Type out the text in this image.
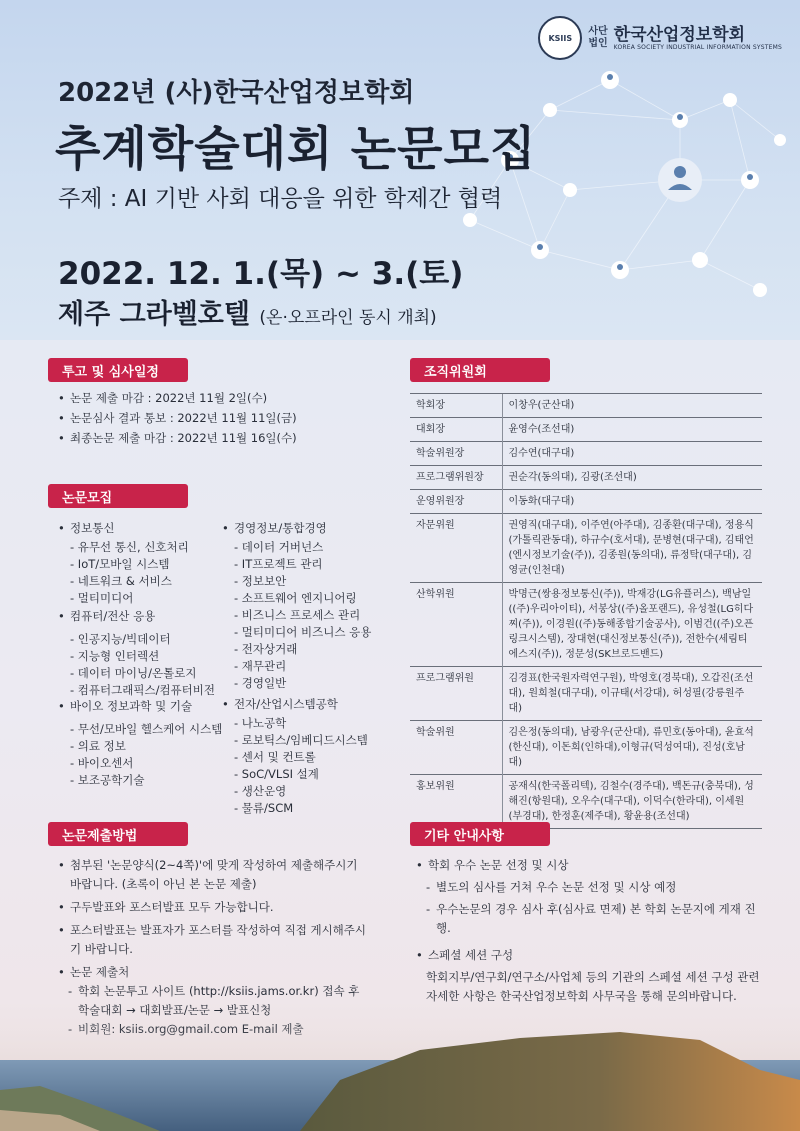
KSIIS
사단
법인 한국산업정보학회
KOREA SOCIETY INDUSTRIAL INFORMATION SYSTEMS
2022년 (사)한국산업정보학회
추계학술대회 논문모집
주제 : AI 기반 사회 대응을 위한 학제간 협력
2022. 12. 1.(목) ~ 3.(토)
제주 그라벨호텔 (온·오프라인 동시 개최)
투고 및 심사일정
• 논문 제출 마감 : 2022년 11월 2일(수)
• 논문심사 결과 통보 : 2022년 11월 11일(금)
• 최종논문 제출 마감 : 2022년 11월 16일(수)
논문모집
• 정보통신
- 유무선 통신, 신호처리
- IoT/모바일 시스템
- 네트워크 & 서비스
- 멀티미디어
• 컴퓨터/전산 응용
- 인공지능/빅데이터
- 지능형 인터렉션
- 데이터 마이닝/온톨로지
- 컴퓨터그래픽스/컴퓨터비전
• 바이오 정보과학 및 기술
- 무선/모바일 헬스케어 시스템
- 의료 정보
- 바이오센서
- 보조공학기술
• 경영정보/통합경영
- 데이터 거버넌스
- IT프로젝트 관리
- 정보보안
- 소프트웨어 엔지니어링
- 비즈니스 프로세스 관리
- 멀티미디어 비즈니스 응용
- 전자상거래
- 재무관리
- 경영일반
• 전자/산업시스템공학
- 나노공학
- 로보틱스/임베디드시스템
- 센서 및 컨트롤
- SoC/VLSI 설계
- 생산운영
- 물류/SCM
조직위원회
학회장	이창우(군산대)
대회장	윤영수(조선대)
학술위원장	김수연(대구대)
프로그램위원장	권순각(동의대), 김광(조선대)
운영위원장	이동화(대구대)
자문위원	권영직(대구대), 이주연(아주대), 김종환(대구대), 정용식(가톨릭관동대), 하규수(호서대), 문병현(대구대), 김태언(엔시정보기술(주)), 김종원(동의대), 류정탁(대구대), 김영균(인천대)
산학위원	박명근(쌍용정보통신(주)), 박재강(LG유플러스), 백남일((주)우리아이티), 서봉상((주)올포랜드), 유성철(LG히다찌(주)), 이경원((주)동해종합기술공사), 이범건((주)오픈링크시스템), 장대현(대신정보통신(주)), 전한수(세림티에스지(주)), 정문성(SK브로드밴드)
프로그램위원	김경표(한국원자력연구원), 박영호(경북대), 오갑진(조선대), 원희철(대구대), 이규태(서강대), 허성필(강릉원주대)
학술위원	김은정(동의대), 남광우(군산대), 류민호(동아대), 윤효석(한신대), 이돈희(인하대),이형규(덕성여대), 진성(호남대)
홍보위원	공재식(한국폴리텍), 김철수(경주대), 백돈규(충북대), 성해진(항원대), 오우수(대구대), 이덕수(한라대), 이세원(부경대), 한정훈(제주대), 황윤용(조선대)
논문제출방법
• 첨부된 '논문양식(2~4쪽)'에 맞게 작성하여 제출해주시기 바랍니다. (초록이 아닌 본 논문 제출)
• 구두발표와 포스터발표 모두 가능합니다.
• 포스터발표는 발표자가 포스터를 작성하여 직접 게시해주시기 바랍니다.
• 논문 제출처
- 학회 논문투고 사이트 (http://ksiis.jams.or.kr) 접속 후 학술대회 → 대회발표/논문 → 발표신청
-
기타 안내사항
• 학회 우수 논문 선정 및 시상
- 별도의 심사를 거쳐 우수 논문 선정 및 시상 예정
- 우수논문의 경우 심사 후(심사료 면제) 본 학회 논문지에 게재 진행.
• 스페셜 세션 구성
학회지부/연구회/연구소/사업체 등의 기관의 스페셜 세션 구성 관련 자세한 사항은 한국산업정보학회 사무국을 통해 문의바랍니다.
